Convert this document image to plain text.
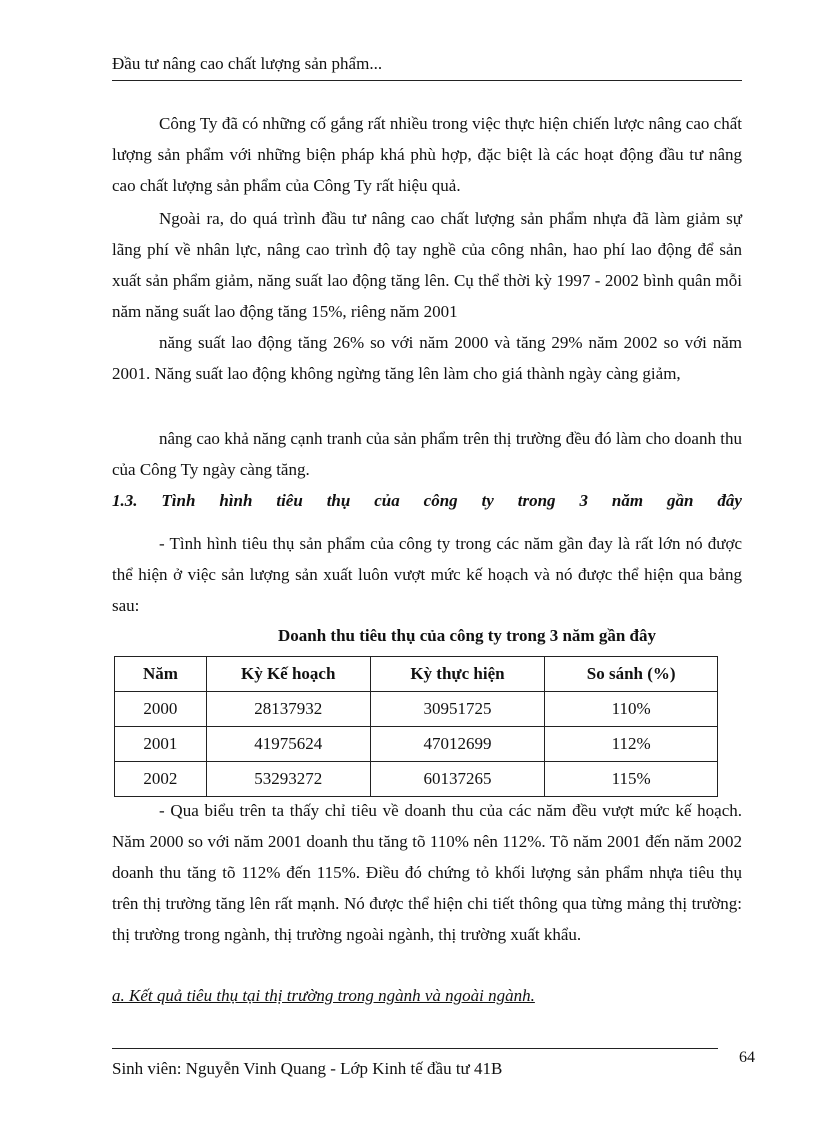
Đầu tư nâng cao chất lượng sản phẩm...

Công Ty đã có những cố gắng rất nhiều trong việc thực hiện chiến lược nâng cao chất lượng sản phẩm với những biện pháp khá phù hợp, đặc biệt là các hoạt động đầu tư nâng cao chất lượng sản phẩm của Công Ty rất hiệu quả.

Ngoài ra, do quá trình đầu tư nâng cao chất lượng sản phẩm nhựa đã làm giảm sự lãng phí về nhân lực, nâng cao trình độ tay nghề của công nhân, hao phí lao động để sản xuất sản phẩm giảm, năng suất lao động tăng lên. Cụ thể thời kỳ 1997 - 2002 bình quân mỗi năm năng suất lao động tăng 15%, riêng năm 2001

năng suất lao động tăng 26% so với năm 2000 và tăng 29% năm 2002 so với năm 2001. Năng suất lao động không ngừng tăng lên làm cho giá thành ngày càng giảm,

nâng cao khả năng cạnh tranh của sản phẩm trên thị trường đều đó làm cho doanh thu của Công Ty ngày càng tăng.

1.3. Tình hình tiêu thụ của công ty trong 3 năm gần đây

- Tình hình tiêu thụ sản phẩm của công ty trong các năm gần đay là rất lớn nó được thể hiện ở việc sản lượng sản xuất luôn vượt mức kế hoạch và nó được thể hiện qua bảng sau:

Doanh thu tiêu thụ của công ty trong 3 năm gần đây
Năm	Kỳ Kế hoạch	Kỳ thực hiện	So sánh (%)
2000	28137932	30951725	110%
2001	41975624	47012699	112%
2002	53293272	60137265	115%

- Qua biểu trên ta thấy chỉ tiêu về doanh thu của các năm đều vượt mức kế hoạch. Năm 2000 so với năm 2001 doanh thu tăng tõ 110% nên 112%. Tõ năm 2001 đến năm 2002 doanh thu tăng tõ 112% đến 115%. Điều đó chứng tỏ khối lượng sản phẩm nhựa tiêu thụ trên thị trường tăng lên rất mạnh. Nó được thể hiện chi tiết thông qua từng mảng thị trường: thị trường trong ngành, thị trường ngoài ngành, thị trường xuất khẩu.

a. Kết quả tiêu thụ tại thị trường trong ngành và ngoài ngành.
Sinh viên: Nguyễn Vinh Quang - Lớp Kinh tế đầu tư 41B
64
